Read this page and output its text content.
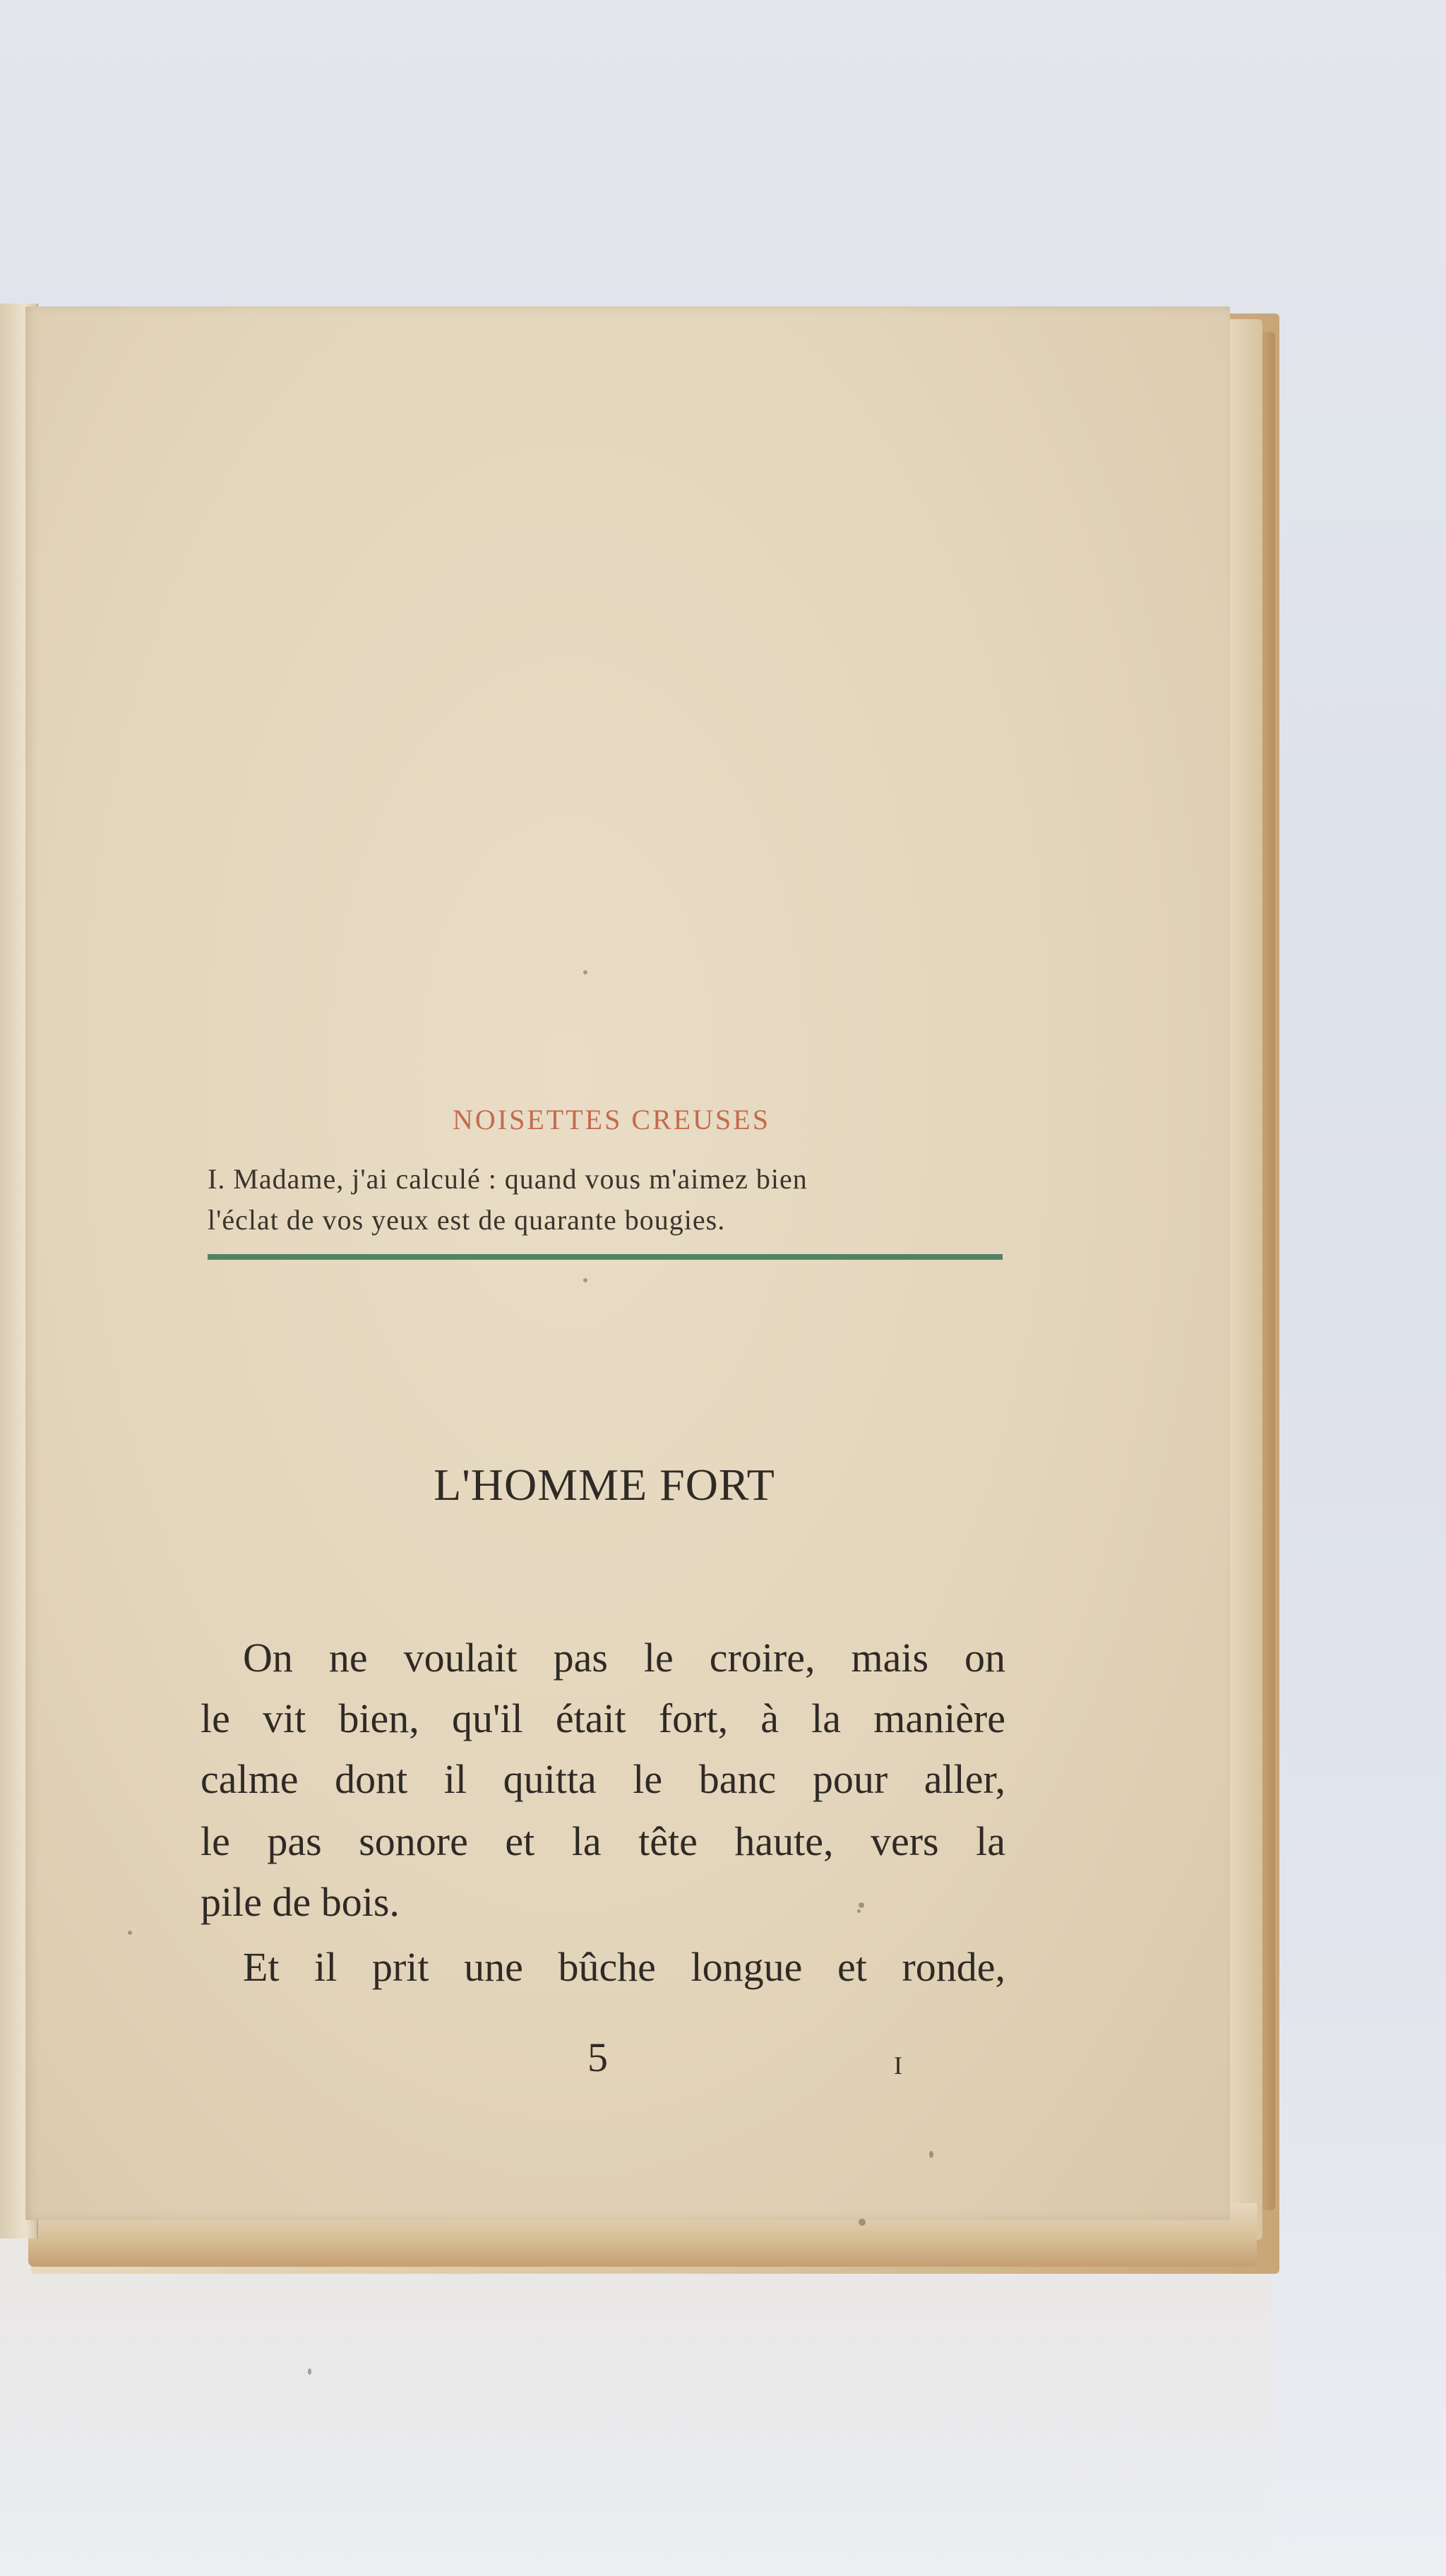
NOISETTES CREUSES
I. Madame, j'ai calculé : quand vous m'aimez bien
l'éclat de vos yeux est de quarante bougies.
L'HOMME FORT
On ne voulait pas le croire, mais on
le vit bien, qu'il était fort, à la manière
calme dont il quitta le banc pour aller,
le pas sonore et la tête haute, vers la
pile de bois.
Et il prit une bûche longue et ronde,
5	I
